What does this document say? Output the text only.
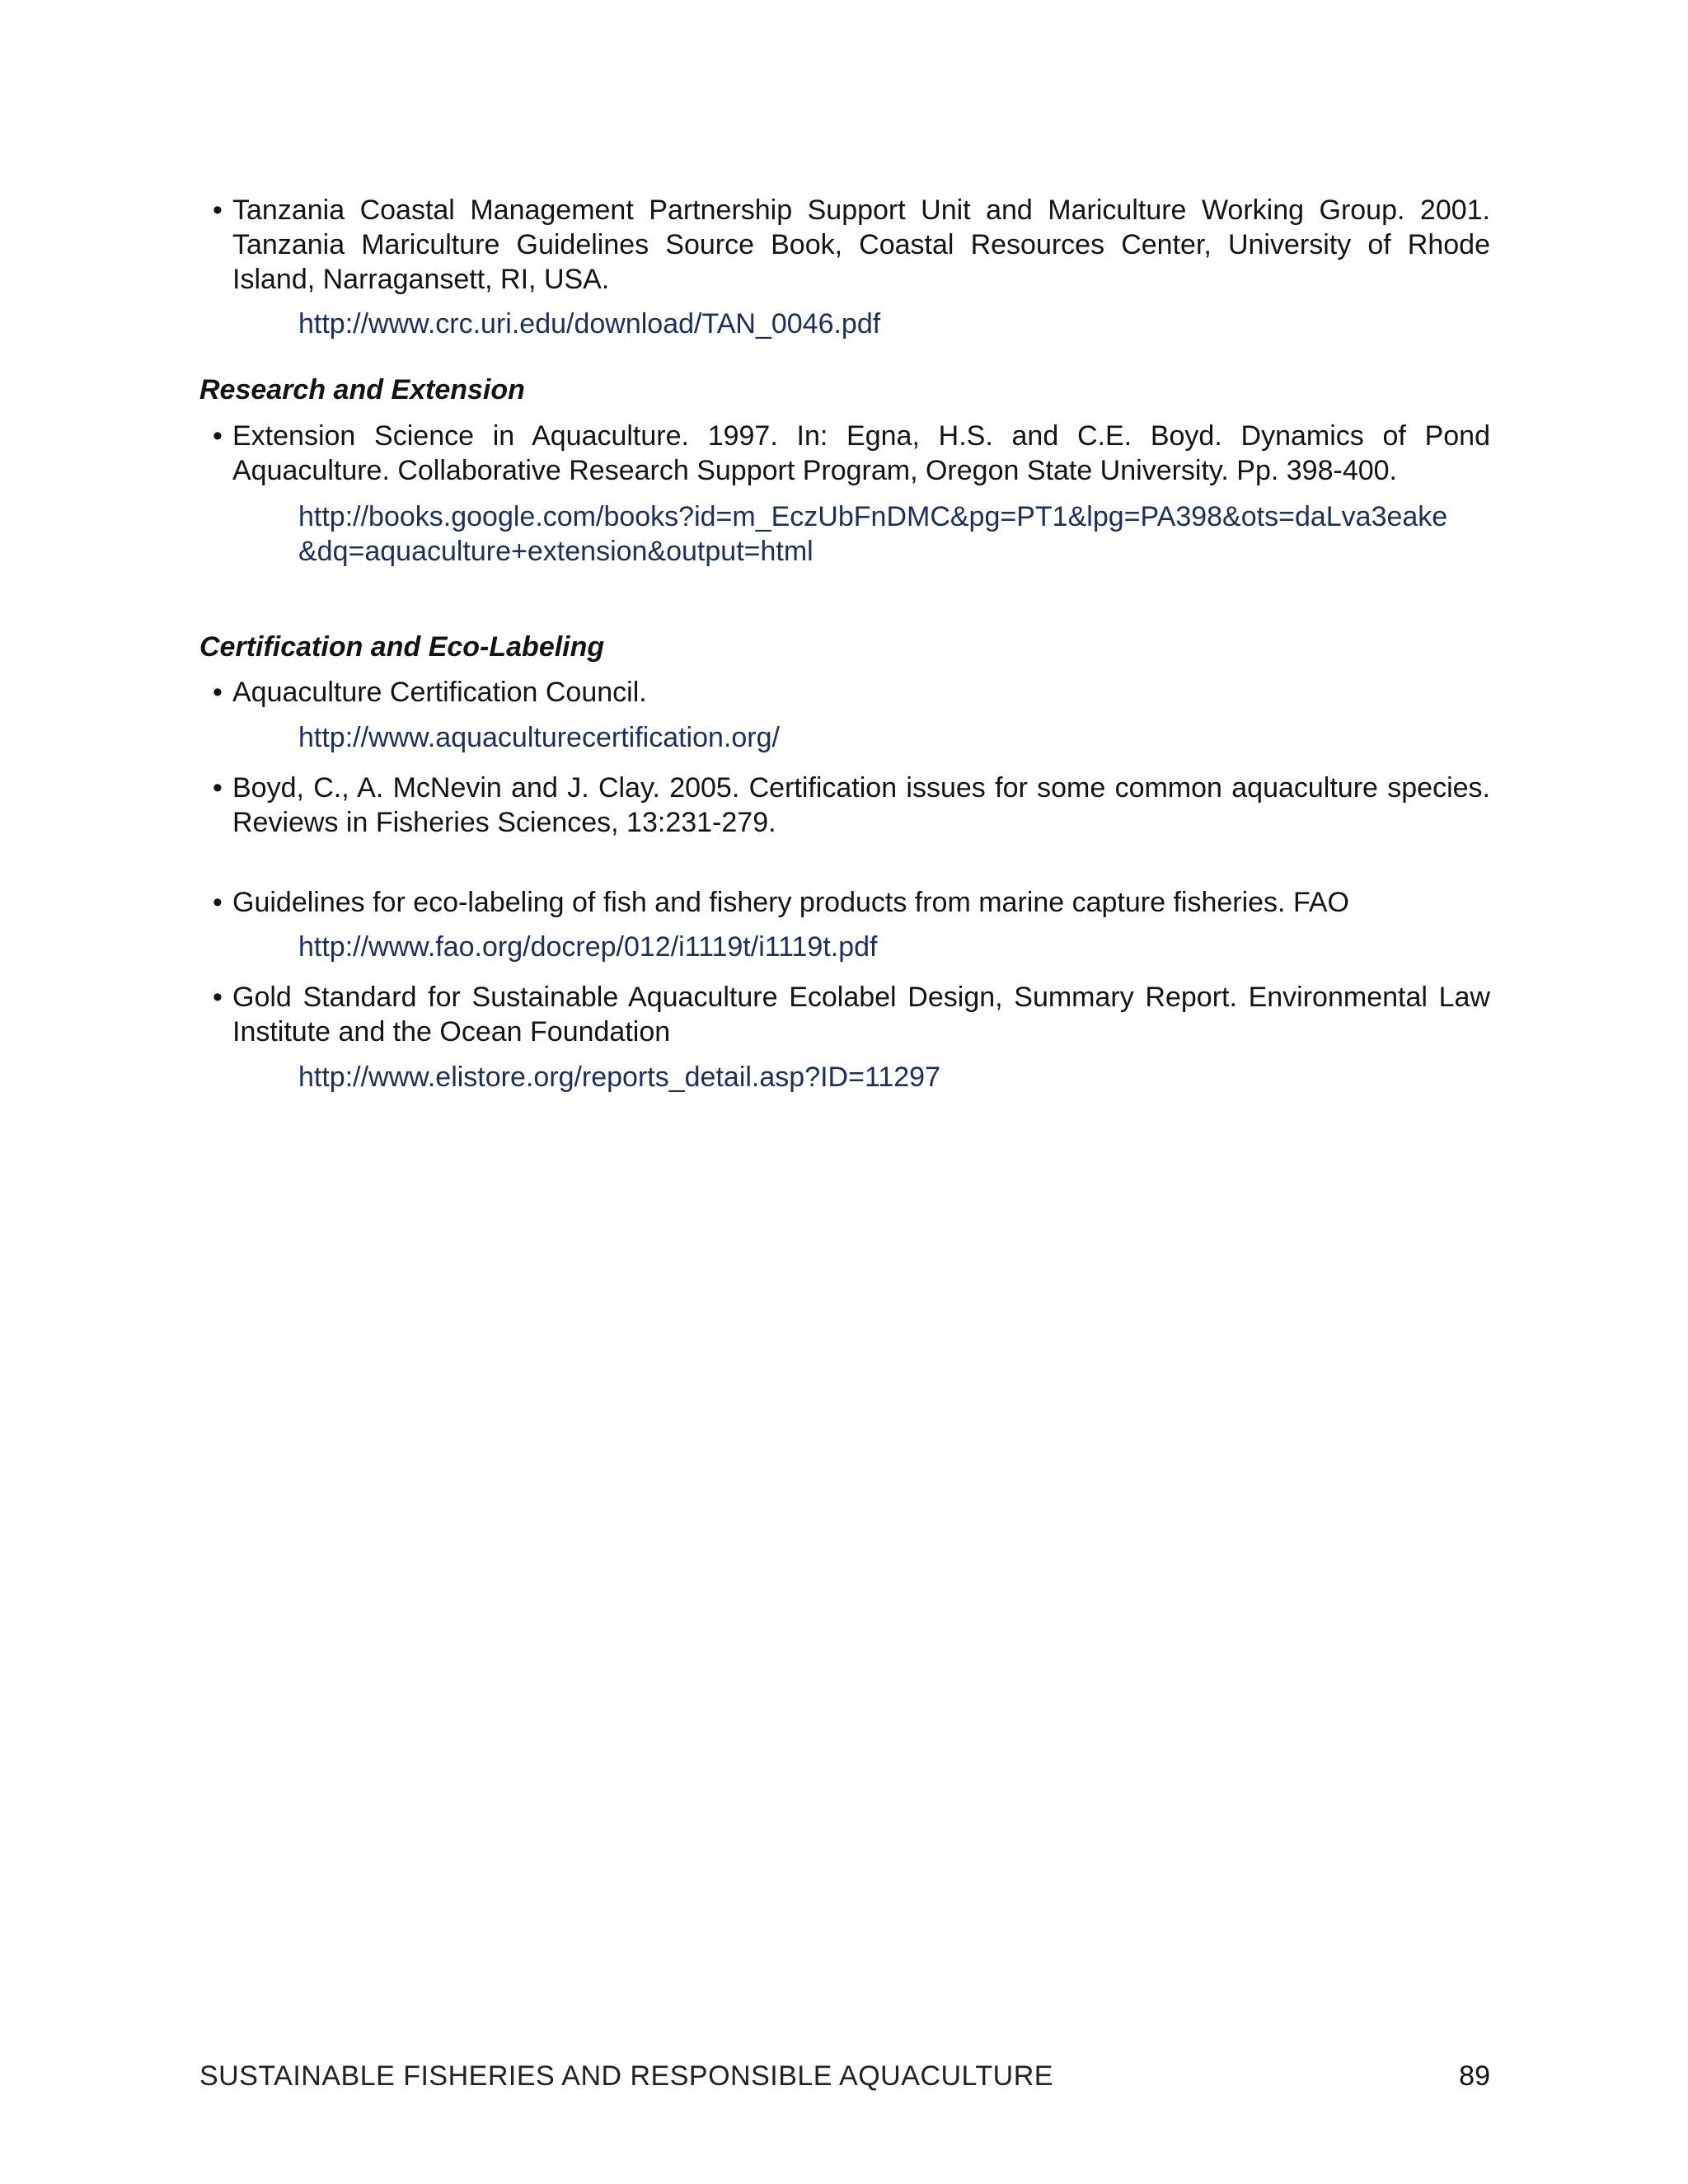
• Tanzania Coastal Management Partnership Support Unit and Mariculture Working Group. 2001. Tanzania Mariculture Guidelines Source Book, Coastal Resources Center, University of Rhode Island, Narragansett, RI, USA.
http://www.crc.uri.edu/download/TAN_0046.pdf
Research and Extension
• Extension Science in Aquaculture. 1997. In: Egna, H.S. and C.E. Boyd. Dynamics of Pond Aquaculture. Collaborative Research Support Program, Oregon State University. Pp. 398-400.
http://books.google.com/books?id=m_EczUbFnDMC&pg=PT1&lpg=PA398&ots=daLva3eake
&dq=aquaculture+extension&output=html
Certification and Eco-Labeling
• Aquaculture Certification Council.
http://www.aquaculturecertification.org/
• Boyd, C., A. McNevin and J. Clay. 2005. Certification issues for some common aquaculture species. Reviews in Fisheries Sciences, 13:231-279.
• Guidelines for eco-labeling of fish and fishery products from marine capture fisheries. FAO
http://www.fao.org/docrep/012/i1119t/i1119t.pdf
• Gold Standard for Sustainable Aquaculture Ecolabel Design, Summary Report. Environmental Law Institute and the Ocean Foundation
http://www.elistore.org/reports_detail.asp?ID=11297
SUSTAINABLE FISHERIES AND RESPONSIBLE AQUACULTURE	89
